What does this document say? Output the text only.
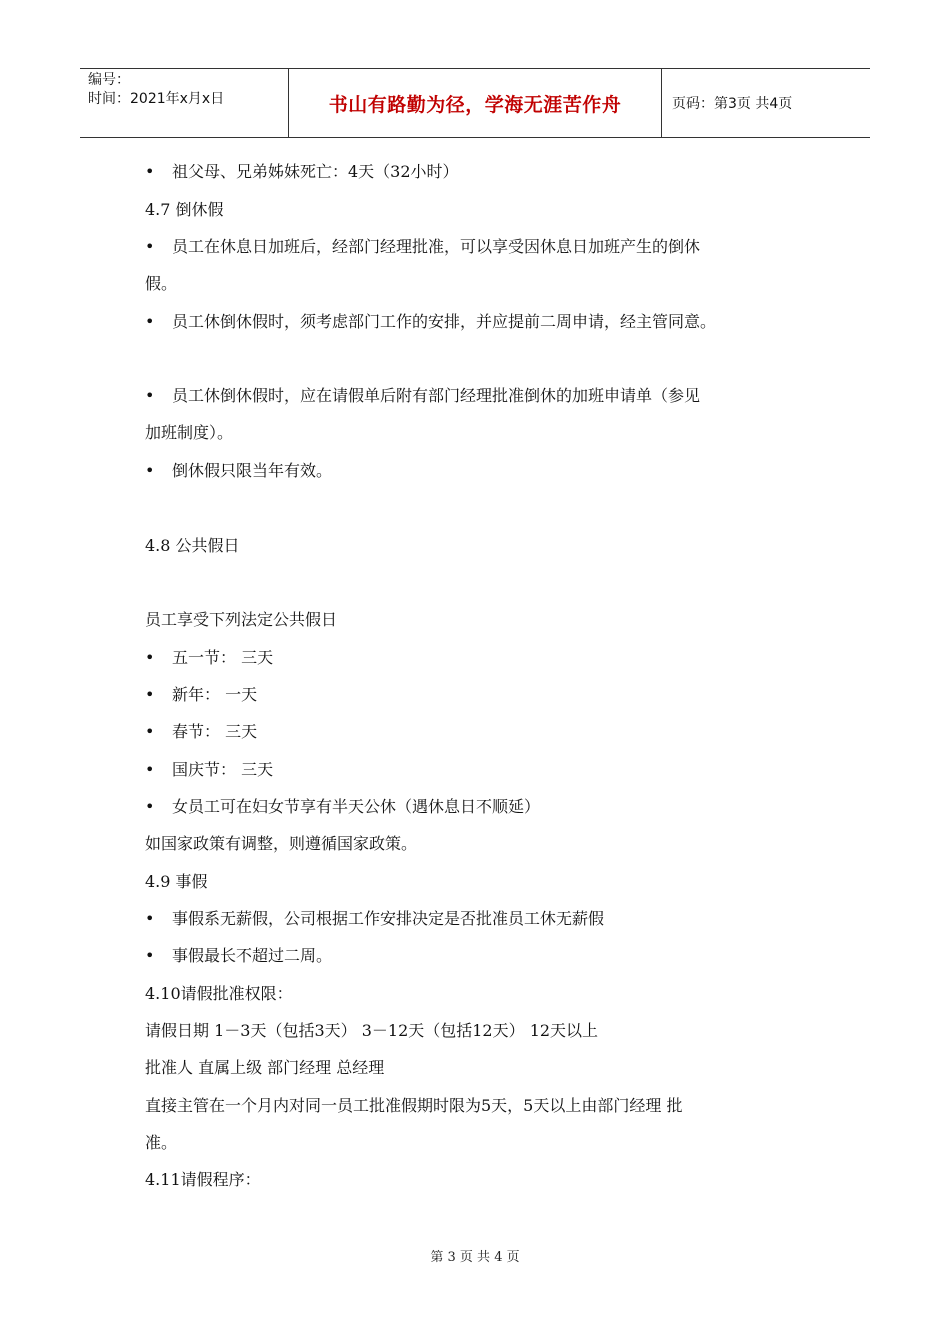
编号：
时间：2021年x月x日	书山有路勤为径，学海无涯苦作舟	页码：第3页 共4页
• 祖父母、兄弟姊妹死亡：4天（32小时）
4.7 倒休假
• 员工在休息日加班后，经部门经理批准，可以享受因休息日加班产生的倒休
假。
• 员工休倒休假时，须考虑部门工作的安排，并应提前二周申请，经主管同意。
• 员工休倒休假时，应在请假单后附有部门经理批准倒休的加班申请单（参见
加班制度）。
• 倒休假只限当年有效。
4.8 公共假日
员工享受下列法定公共假日
• 五一节： 三天
• 新年： 一天
• 春节： 三天
• 国庆节： 三天
• 女员工可在妇女节享有半天公休（遇休息日不顺延）
如国家政策有调整，则遵循国家政策。
4.9 事假
• 事假系无薪假，公司根据工作安排决定是否批准员工休无薪假
• 事假最长不超过二周。
4.10请假批准权限：
请假日期 1－3天（包括3天） 3－12天（包括12天） 12天以上
批准人 直属上级 部门经理 总经理
直接主管在一个月内对同一员工批准假期时限为5天，5天以上由部门经理 批
准。
4.11请假程序：
第 3 页 共 4 页
